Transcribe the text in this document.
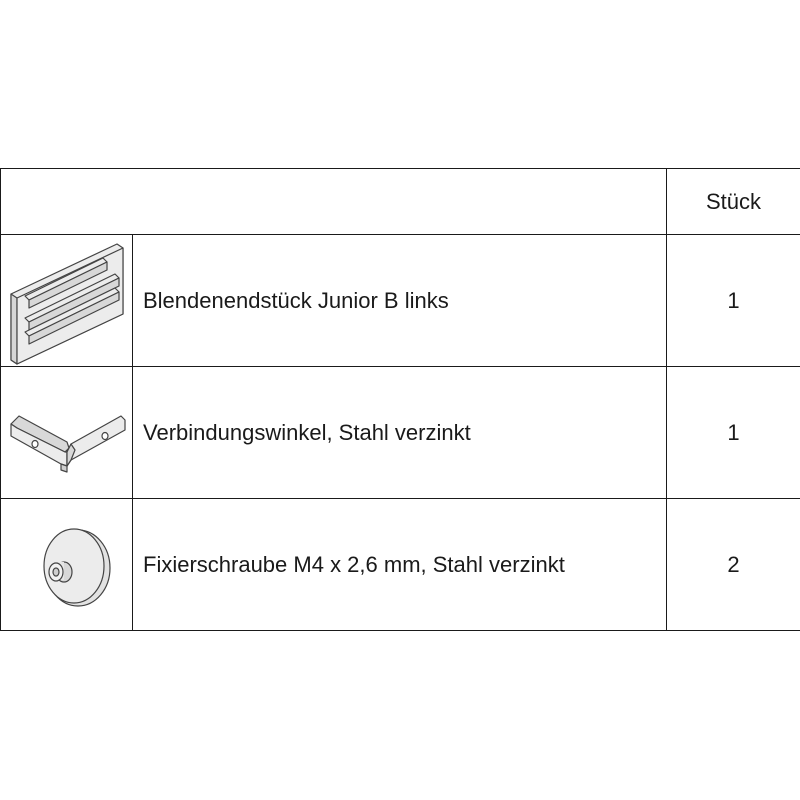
		Stück

	Blendenendstück Junior B links	1

	Verbindungswinkel, Stahl verzinkt	1

	Fixierschraube M4 x 2,6 mm, Stahl verzinkt	2
